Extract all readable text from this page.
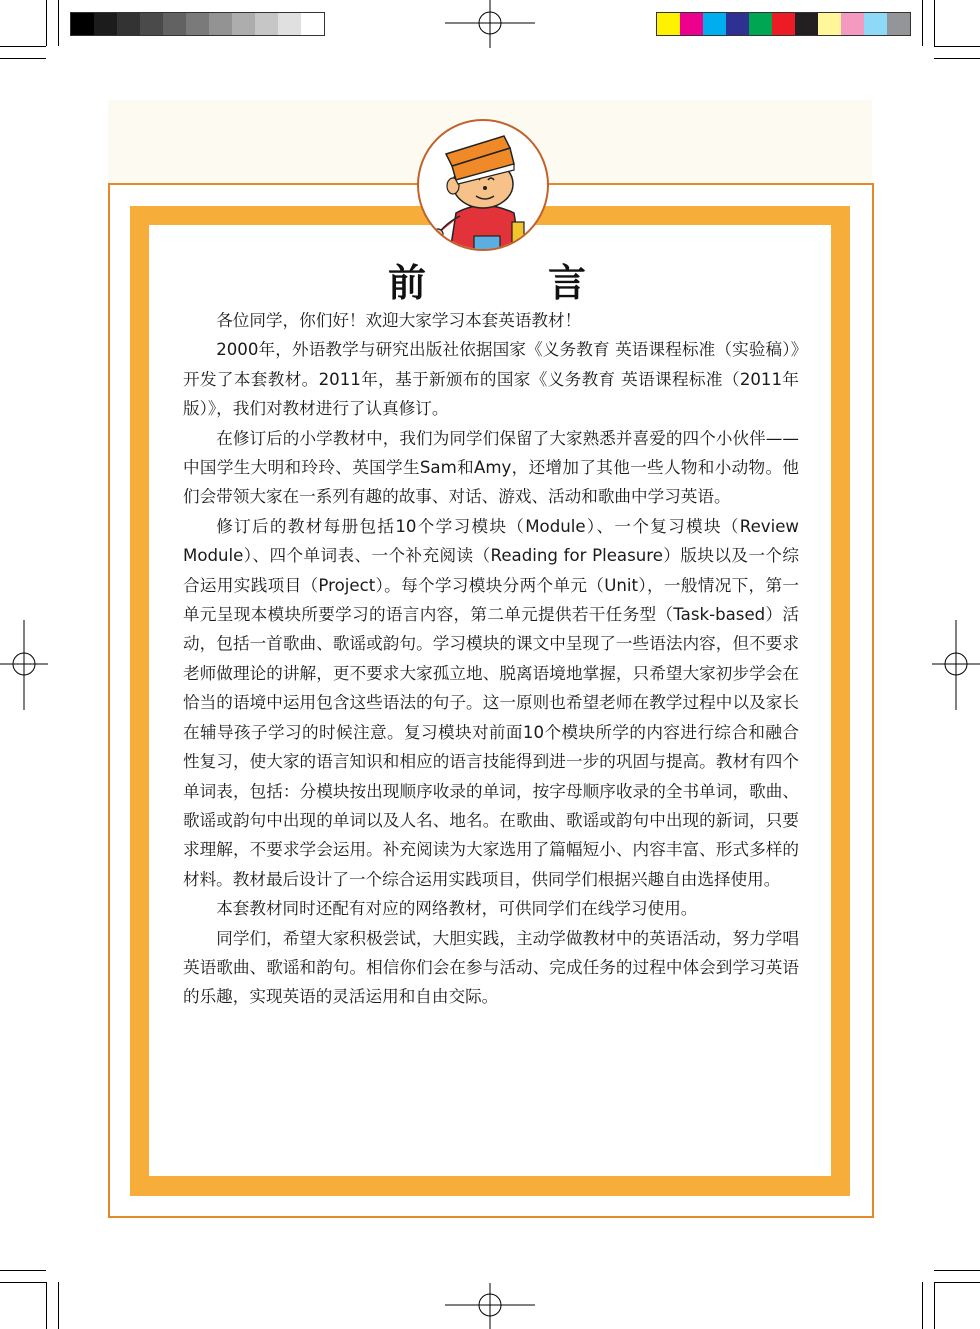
前	言

各位同学，你们好！欢迎大家学习本套英语教材！

2000年，外语教学与研究出版社依据国家《义务教育 英语课程标准（实验稿）》开发了本套教材。2011年，基于新颁布的国家《义务教育 英语课程标准（2011年版）》，我们对教材进行了认真修订。

在修订后的小学教材中，我们为同学们保留了大家熟悉并喜爱的四个小伙伴——中国学生大明和玲玲、英国学生Sam和Amy，还增加了其他一些人物和小动物。他们会带领大家在一系列有趣的故事、对话、游戏、活动和歌曲中学习英语。

修订后的教材每册包括10个学习模块（Module）、一个复习模块（Review Module）、四个单词表、一个补充阅读（Reading for Pleasure）版块以及一个综合运用实践项目（Project）。每个学习模块分两个单元（Unit），一般情况下，第一单元呈现本模块所要学习的语言内容，第二单元提供若干任务型（Task-based）活动，包括一首歌曲、歌谣或韵句。学习模块的课文中呈现了一些语法内容，但不要求老师做理论的讲解，更不要求大家孤立地、脱离语境地掌握，只希望大家初步学会在恰当的语境中运用包含这些语法的句子。这一原则也希望老师在教学过程中以及家长在辅导孩子学习的时候注意。复习模块对前面10个模块所学的内容进行综合和融合性复习，使大家的语言知识和相应的语言技能得到进一步的巩固与提高。教材有四个单词表，包括：分模块按出现顺序收录的单词，按字母顺序收录的全书单词，歌曲、歌谣或韵句中出现的单词以及人名、地名。在歌曲、歌谣或韵句中出现的新词，只要求理解，不要求学会运用。补充阅读为大家选用了篇幅短小、内容丰富、形式多样的材料。教材最后设计了一个综合运用实践项目，供同学们根据兴趣自由选择使用。

本套教材同时还配有对应的网络教材，可供同学们在线学习使用。

同学们，希望大家积极尝试，大胆实践，主动学做教材中的英语活动，努力学唱英语歌曲、歌谣和韵句。相信你们会在参与活动、完成任务的过程中体会到学习英语的乐趣，实现英语的灵活运用和自由交际。
